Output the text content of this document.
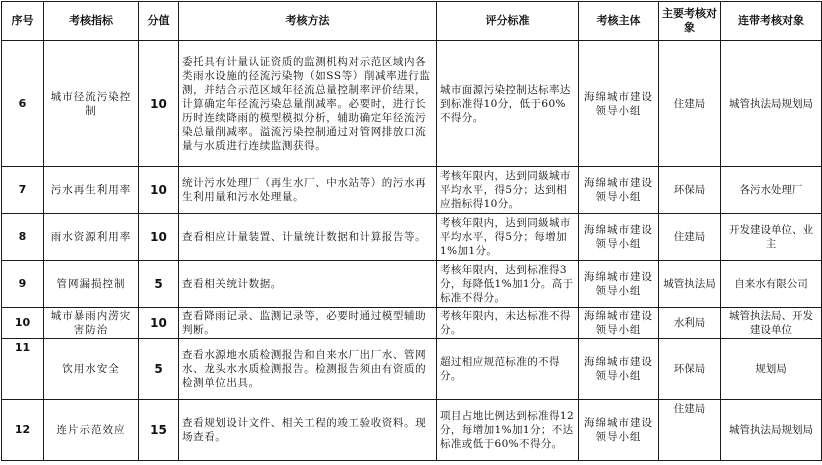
序号	考核指标	分值	考核方法	评分标准	考核主体	主要考核对象	连带考核对象
6	城市径流污染控制	10	委托具有计量认证资质的监测机构对示范区域内各类雨水设施的径流污染物（如SS等）削减率进行监测，并结合示范区域年径流总量控制率评价结果，计算确定年径流污染总量削减率。必要时，进行长历时连续降雨的模型模拟分析，辅助确定年径流污染总量削减率。溢流污染控制通过对管网排放口流量与水质进行连续监测获得。	城市面源污染控制达标率达到标准得10分，低于60%不得分。	海绵城市建设领导小组	住建局	城管执法局规划局
7	污水再生利用率	10	统计污水处理厂（再生水厂、中水站等）的污水再生利用量和污水处理量。	考核年限内，达到同級城市平均水平，得5分；达到相应指标得10分。	海绵城市建设领导小组	环保局	各污水处理厂
8	雨水资源利用率	10	查看相应计量装置、计量统计数据和计算报告等。	考核年限内，达到同級城市平均水平，得5分；每增加1%加1分。	海绵城市建设领导小组	住建局	开发建设单位、业主
9	管网漏损控制	5	查看相关统计数据。	考核年限内，达到标准得3分，每降低1%加1分。高于标准不得分。	海绵城市建设领导小组	城管执法局	自来水有限公司
10	城市暴雨内涝灾害防治	10	查看降雨记录、监测记录等，必要时通过模型辅助判断。	考核年限内，未达标准不得分。	海绵城市建设领导小组	水利局	城管执法局、开发建设单位

11	饮用水安全	5	查看水源地水质检测报告和自来水厂出厂水、管网水、龙头水水质检测报告。检测报告须由有资质的检测单位出具。	超过相应规范标准的不得分。	海绵城市建设领导小组	环保局	规划局
12	连片示范效应	15	查看规划设计文件、相关工程的竣工验收资料。现场查看。	项目占地比例达到标准得12分，每增加1%加1分；不达标准或低于60%不得分。	海绵城市建设领导小组	住建局	城管执法局规划局
